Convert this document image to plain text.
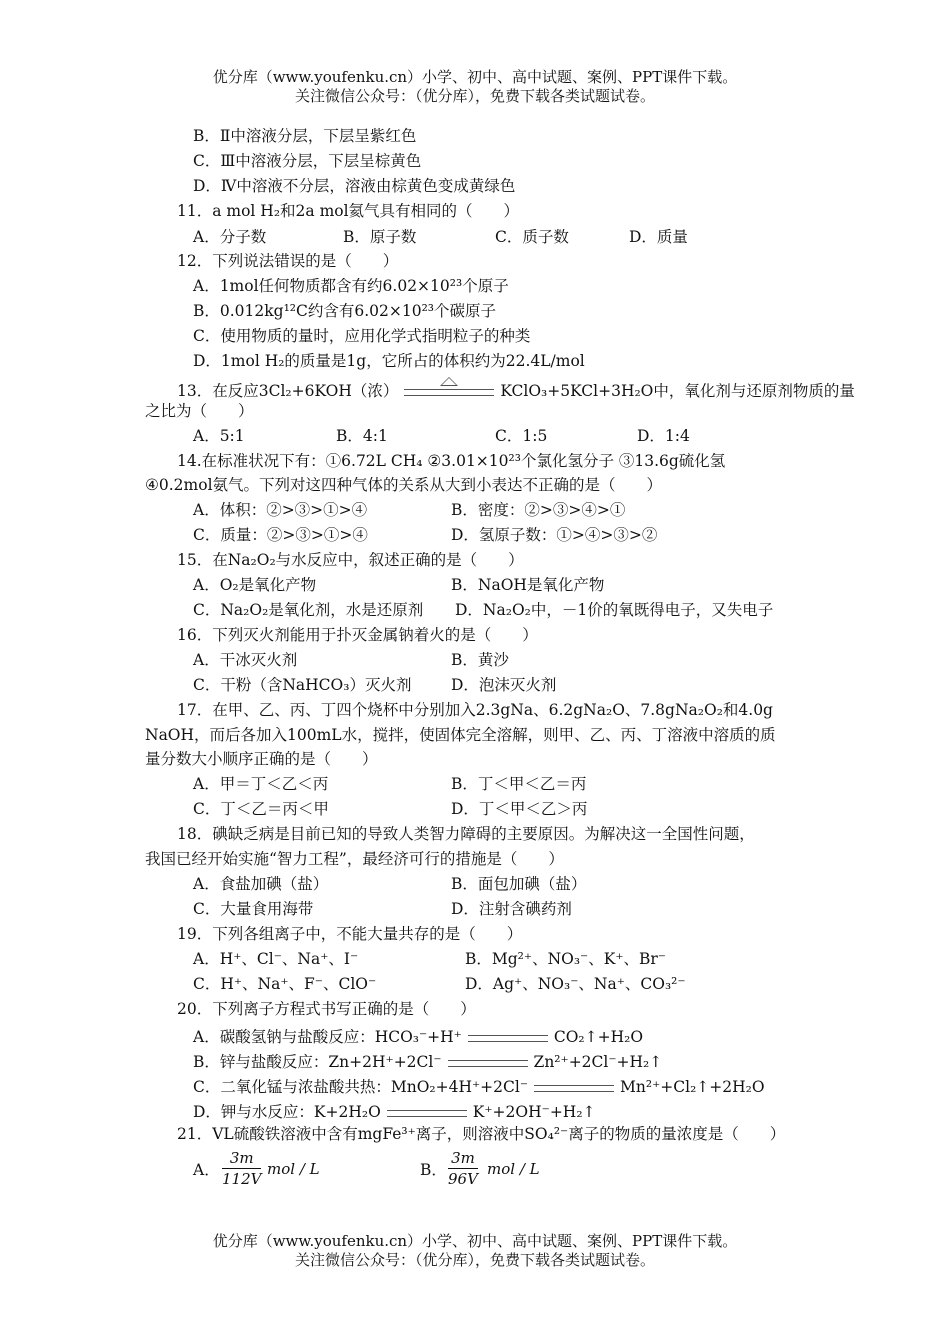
优分库（www.youfenku.cn）小学、初中、高中试题、案例、PPT课件下载。
关注微信公众号：（优分库），免费下载各类试题试卷。
B．Ⅱ中溶液分层，下层呈紫红色
C．Ⅲ中溶液分层，下层呈棕黄色
D．Ⅳ中溶液不分层，溶液由棕黄色变成黄绿色
11．a mol H₂和2a mol氦气具有相同的（　　）
A．分子数	B．原子数	C．质子数	D．质量
12．下列说法错误的是（　　）
A．1mol任何物质都含有约6.02×10²³个原子
B．0.012kg¹²C约含有6.02×10²³个碳原子
C．使用物质的量时，应用化学式指明粒子的种类
D．1mol H₂的质量是1g，它所占的体积约为22.4L/mol
13．在反应3Cl₂+6KOH（浓）	KClO₃+5KCl+3H₂O中，氧化剂与还原剂物质的量
之比为（　　）
A．5:1	B．4:1	C．1:5	D．1:4
14.在标准状况下有：①6.72L CH₄ ②3.01×10²³个氯化氢分子 ③13.6g硫化氢
④0.2mol氨气。下列对这四种气体的关系从大到小表达不正确的是（　　）
A．体积：②>③>①>④	B．密度：②>③>④>①
C．质量：②>③>①>④	D．氢原子数：①>④>③>②
15．在Na₂O₂与水反应中，叙述正确的是（　　）
A．O₂是氧化产物	B．NaOH是氧化产物
C．Na₂O₂是氧化剂，水是还原剂 D．Na₂O₂中，－1价的氧既得电子，又失电子
16．下列灭火剂能用于扑灭金属钠着火的是（　　）
A．干冰灭火剂	B．黄沙
C．干粉（含NaHCO₃）灭火剂	D．泡沫灭火剂
17．在甲、乙、丙、丁四个烧杯中分别加入2.3gNa、6.2gNa₂O、7.8gNa₂O₂和4.0g
NaOH，而后各加入100mL水，搅拌，使固体完全溶解，则甲、乙、丙、丁溶液中溶质的质
量分数大小顺序正确的是（　　）
A．甲＝丁＜乙＜丙	B．丁＜甲＜乙＝丙
C．丁＜乙＝丙＜甲	D．丁＜甲＜乙＞丙
18．碘缺乏病是目前已知的导致人类智力障碍的主要原因。为解决这一全国性问题，
我国已经开始实施“智力工程”，最经济可行的措施是（　　）
A．食盐加碘（盐）	B．面包加碘（盐）
C．大量食用海带	D．注射含碘药剂
19．下列各组离子中，不能大量共存的是（　　）
A．H⁺、Cl⁻、Na⁺、I⁻	B．Mg²⁺、NO₃⁻、K⁺、Br⁻
C．H⁺、Na⁺、F⁻、ClO⁻	D．Ag⁺、NO₃⁻、Na⁺、CO₃²⁻
20．下列离子方程式书写正确的是（　　）
A．碳酸氢钠与盐酸反应：HCO₃⁻+H⁺	CO₂↑+H₂O
B．锌与盐酸反应：Zn+2H⁺+2Cl⁻	Zn²⁺+2Cl⁻+H₂↑
C．二氧化锰与浓盐酸共热：MnO₂+4H⁺+2Cl⁻	Mn²⁺+Cl₂↑+2H₂O
D．钾与水反应：K+2H₂O	K⁺+2OH⁻+H₂↑
21．VL硫酸铁溶液中含有mgFe³⁺离子，则溶液中SO₄²⁻离子的物质的量浓度是（　　）
A． $\frac{3m}{112V}$ mol / L	B． $\frac{3m}{96V}$ mol / L
优分库（www.youfenku.cn）小学、初中、高中试题、案例、PPT课件下载。
关注微信公众号：（优分库），免费下载各类试题试卷。
